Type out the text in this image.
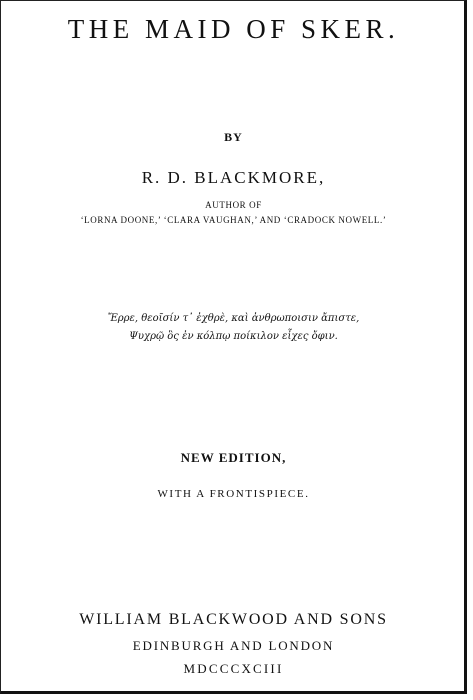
THE MAID OF SKER.

BY

R. D. BLACKMORE,

AUTHOR OF

‘LORNA DOONE,’ ‘CLARA VAUGHAN,’ AND ‘CRADOCK NOWELL.’

Ἔρρε, θεοῖσίν τ᾽ ἐχθρὲ, καὶ ἀνθρωποισιν ἄπιστε,

Ψυχρῷ ὃς ἐν κόλπῳ ποίκιλον εἶχες ὄφιν.

NEW EDITION,

WITH A FRONTISPIECE.

WILLIAM BLACKWOOD AND SONS

EDINBURGH AND LONDON

MDCCCXCIII
